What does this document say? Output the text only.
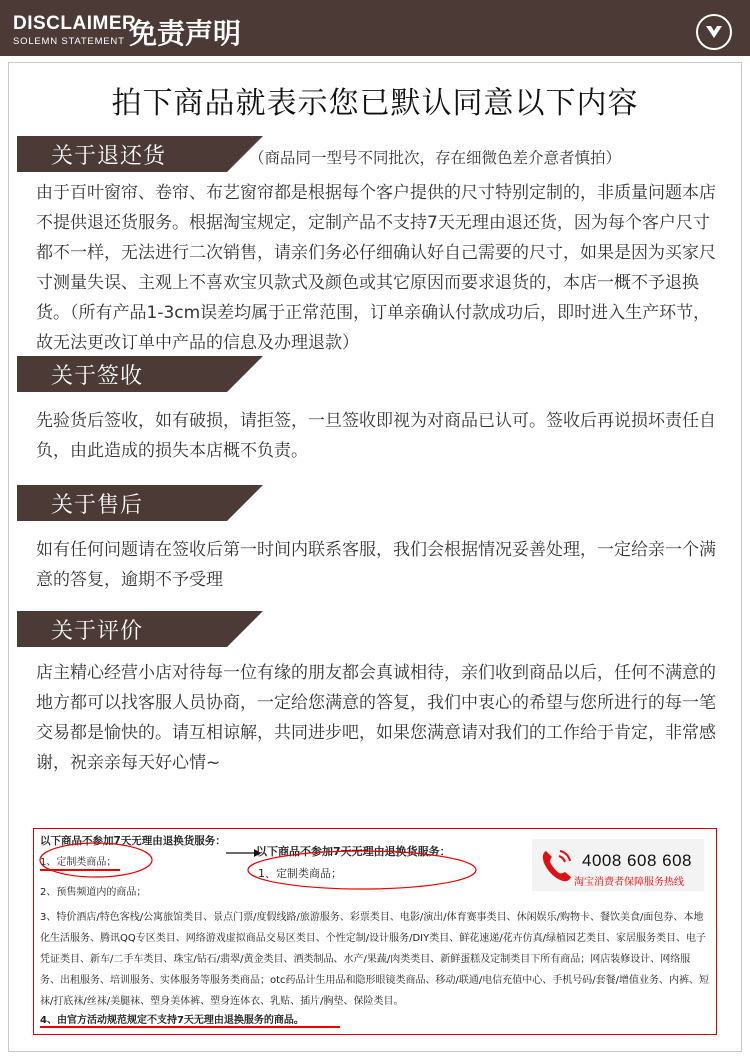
DISCLAIMER
SOLEMN STATEMENT 免责声明
拍下商品就表示您已默认同意以下内容
关于退还货	（商品同一型号不同批次，存在细微色差介意者慎拍）

由于百叶窗帘、卷帘、布艺窗帘都是根据每个客户提供的尺寸特别定制的，非质量问题本店不提供退还货服务。根据淘宝规定，定制产品不支持7天无理由退还货，因为每个客户尺寸都不一样，无法进行二次销售，请亲们务必仔细确认好自己需要的尺寸，如果是因为买家尺寸测量失误、主观上不喜欢宝贝款式及颜色或其它原因而要求退货的，本店一概不予退换货。（所有产品1-3cm误差均属于正常范围，订单亲确认付款成功后，即时进入生产环节，故无法更改订单中产品的信息及办理退款）

关于签收

先验货后签收，如有破损，请拒签，一旦签收即视为对商品已认可。签收后再说损坏责任自负，由此造成的损失本店概不负责。

关于售后

如有任何问题请在签收后第一时间内联系客服，我们会根据情况妥善处理，一定给亲一个满意的答复，逾期不予受理

关于评价

店主精心经营小店对待每一位有缘的朋友都会真诚相待，亲们收到商品以后，任何不满意的地方都可以找客服人员协商，一定给您满意的答复，我们中衷心的希望与您所进行的每一笔交易都是愉快的。请互相谅解，共同进步吧，如果您满意请对我们的工作给于肯定，非常感谢，祝亲亲每天好心情~

以下商品不参加7天无理由退换货服务：
1、定制类商品；
2、预售频道内的商品；
3、特价酒店/特色客栈/公寓旅馆类目、景点门票/度假线路/旅游服务、彩票类目、电影/演出/体育赛事类目、休闲娱乐/购物卡、餐饮美食/面包券、本地化生活服务、腾讯QQ专区类目、网络游戏虚拟商品交易区类目、个性定制/设计服务/DIY类目、鲜花速递/花卉仿真/绿植园艺类目、家居服务类目、电子凭证类目、新车/二手车类目、珠宝/钻石/翡翠/黄金类目、酒类制品、水产/果蔬/肉类类目、新鲜蛋糕及定制类目下所有商品；网店装修设计、网络服务、出租服务、培训服务、实体服务等服务类商品；otc药品计生用品和隐形眼镜类商品、移动/联通/电信充值中心、手机号码/套餐/增值业务、内裤、短袜/打底袜/丝袜/美腿袜、塑身美体裤、塑身连体衣、乳贴、插片/胸垫、保险类目。
4、由官方活动规范规定不支持7天无理由退换服务的商品。
以下商品不参加7天无理由退换货服务：
1、定制类商品；
4008 608 608
淘宝消费者保障服务热线
